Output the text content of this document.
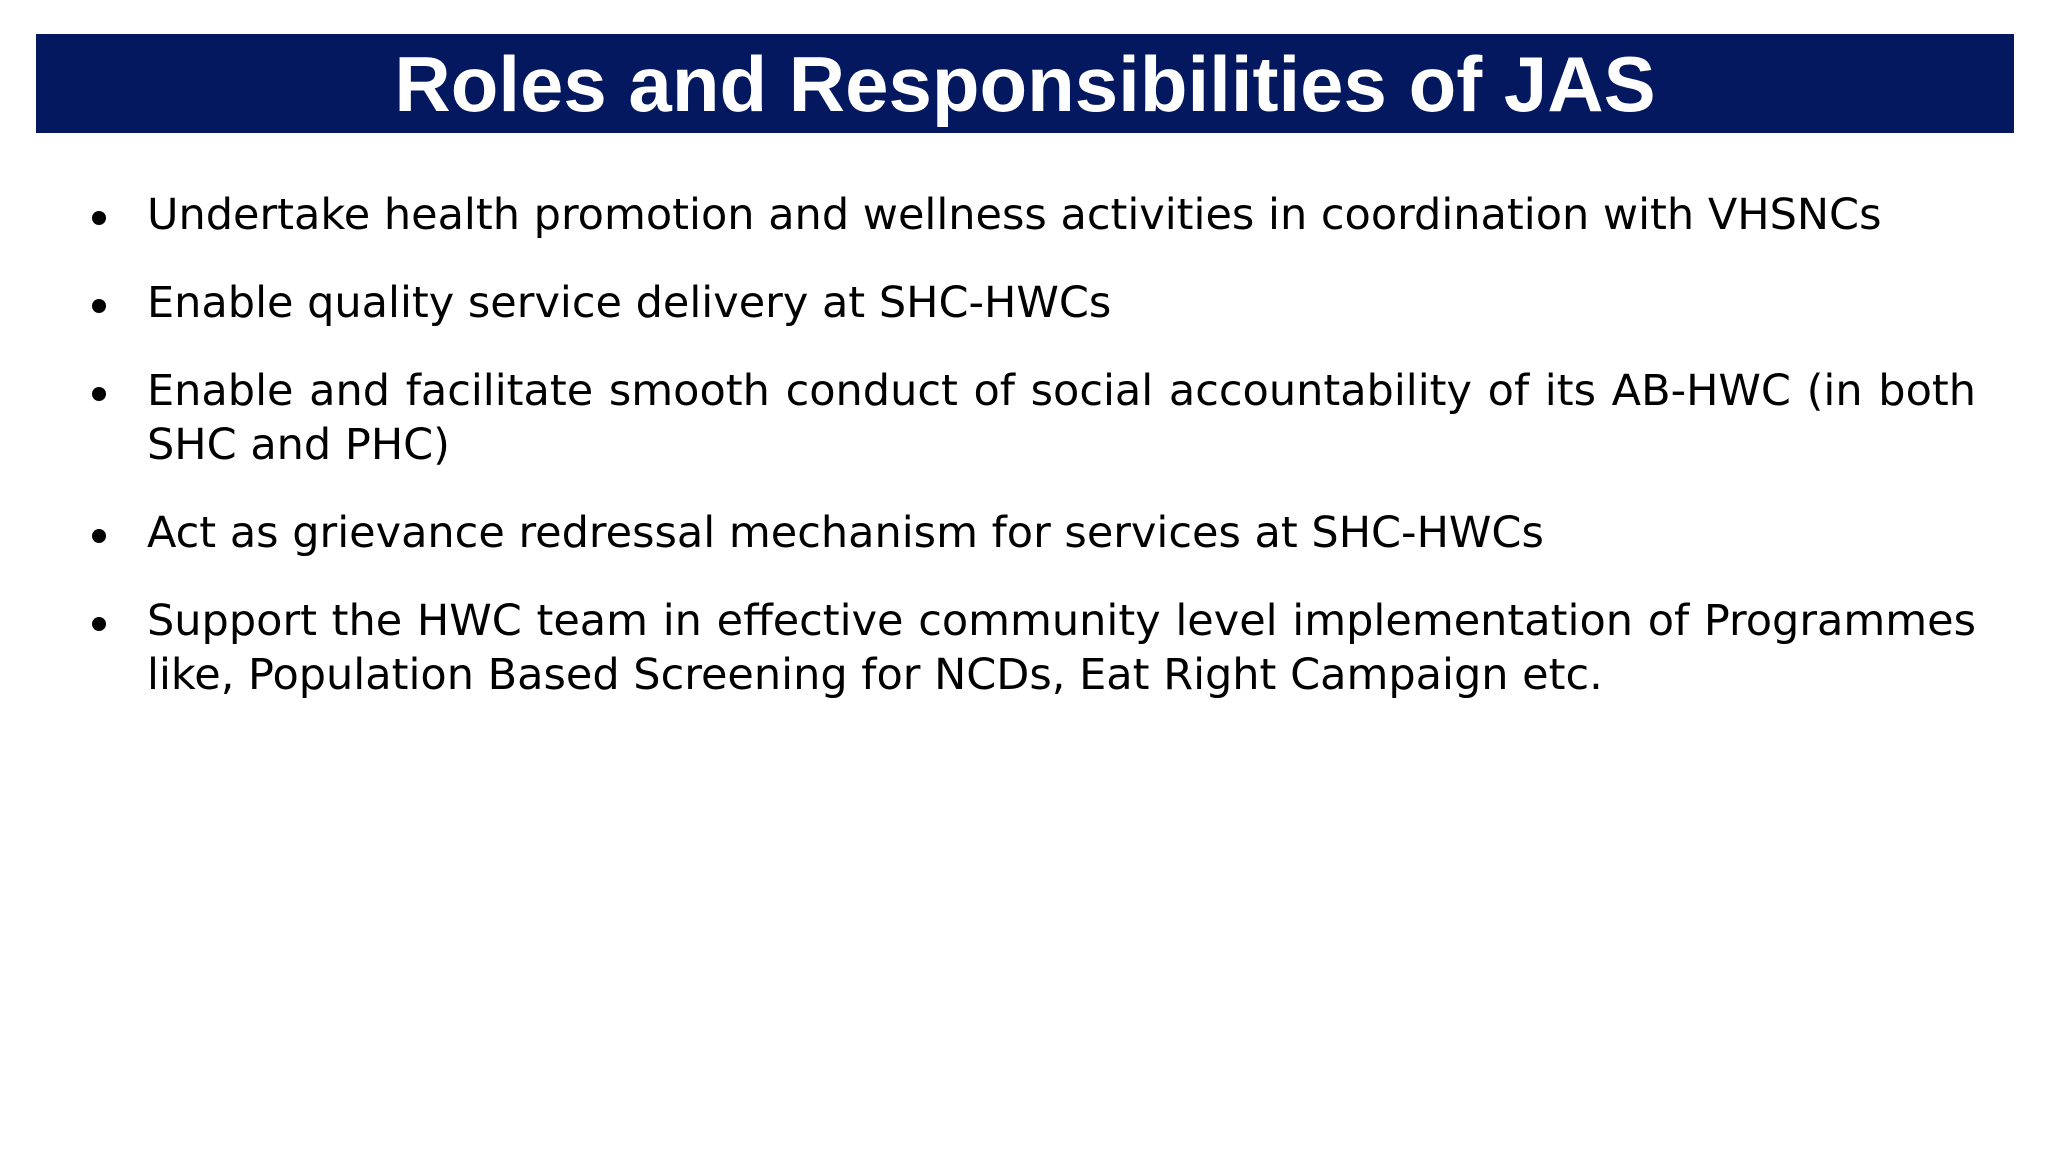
Roles and Responsibilities of JAS
Undertake health promotion and wellness activities in coordination with VHSNCs
Enable quality service delivery at SHC-HWCs
Enable and facilitate smooth conduct of social accountability of its AB-HWC (in both SHC and PHC)
Act as grievance redressal mechanism for services at SHC-HWCs
Support the HWC team in effective community level implementation of Programmes like, Population Based Screening for NCDs, Eat Right Campaign etc.
